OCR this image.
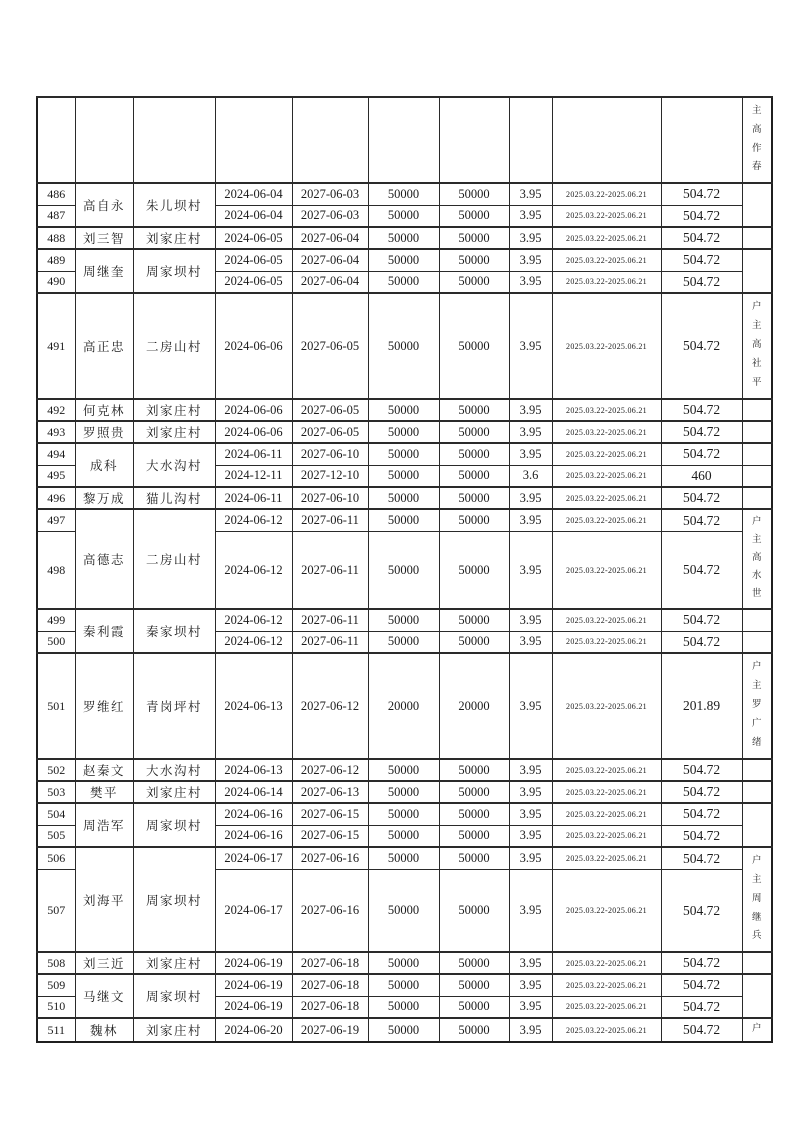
										主
高
作
春

486	高自永	朱儿坝村	2024-06-04	2027-06-03	50000	50000	3.95	2025.03.22-2025.06.21	504.72	
487			2024-06-04	2027-06-03	50000	50000	3.95	2025.03.22-2025.06.21	504.72	
488	刘三智	刘家庄村	2024-06-05	2027-06-04	50000	50000	3.95	2025.03.22-2025.06.21	504.72	
489	周继奎	周家坝村	2024-06-05	2027-06-04	50000	50000	3.95	2025.03.22-2025.06.21	504.72	
490			2024-06-05	2027-06-04	50000	50000	3.95	2025.03.22-2025.06.21	504.72	
491	高正忠	二房山村	2024-06-06	2027-06-05	50000	50000	3.95	2025.03.22-2025.06.21	504.72	户
主
高
社
平

492	何克林	刘家庄村	2024-06-06	2027-06-05	50000	50000	3.95	2025.03.22-2025.06.21	504.72	
493	罗照贵	刘家庄村	2024-06-06	2027-06-05	50000	50000	3.95	2025.03.22-2025.06.21	504.72	
494	成科	大水沟村	2024-06-11	2027-06-10	50000	50000	3.95	2025.03.22-2025.06.21	504.72	
495			2024-12-11	2027-12-10	50000	50000	3.6	2025.03.22-2025.06.21	460	
496	黎万成	猫儿沟村	2024-06-11	2027-06-10	50000	50000	3.95	2025.03.22-2025.06.21	504.72	
497	高德志	二房山村	2024-06-12	2027-06-11	50000	50000	3.95	2025.03.22-2025.06.21	504.72	户
主
高
水
世

498			2024-06-12	2027-06-11	50000	50000	3.95	2025.03.22-2025.06.21	504.72	
499	秦利霞	秦家坝村	2024-06-12	2027-06-11	50000	50000	3.95	2025.03.22-2025.06.21	504.72	
500			2024-06-12	2027-06-11	50000	50000	3.95	2025.03.22-2025.06.21	504.72	
501	罗维红	青岗坪村	2024-06-13	2027-06-12	20000	20000	3.95	2025.03.22-2025.06.21	201.89	户
主
罗
广
绪

502	赵秦文	大水沟村	2024-06-13	2027-06-12	50000	50000	3.95	2025.03.22-2025.06.21	504.72	
503	樊平	刘家庄村	2024-06-14	2027-06-13	50000	50000	3.95	2025.03.22-2025.06.21	504.72	
504	周浩军	周家坝村	2024-06-16	2027-06-15	50000	50000	3.95	2025.03.22-2025.06.21	504.72	
505			2024-06-16	2027-06-15	50000	50000	3.95	2025.03.22-2025.06.21	504.72	
506	刘海平	周家坝村	2024-06-17	2027-06-16	50000	50000	3.95	2025.03.22-2025.06.21	504.72	户
主
周
继
兵

507			2024-06-17	2027-06-16	50000	50000	3.95	2025.03.22-2025.06.21	504.72	
508	刘三近	刘家庄村	2024-06-19	2027-06-18	50000	50000	3.95	2025.03.22-2025.06.21	504.72	
509	马继文	周家坝村	2024-06-19	2027-06-18	50000	50000	3.95	2025.03.22-2025.06.21	504.72	
510			2024-06-19	2027-06-18	50000	50000	3.95	2025.03.22-2025.06.21	504.72	
511	魏林	刘家庄村	2024-06-20	2027-06-19	50000	50000	3.95	2025.03.22-2025.06.21	504.72	户
